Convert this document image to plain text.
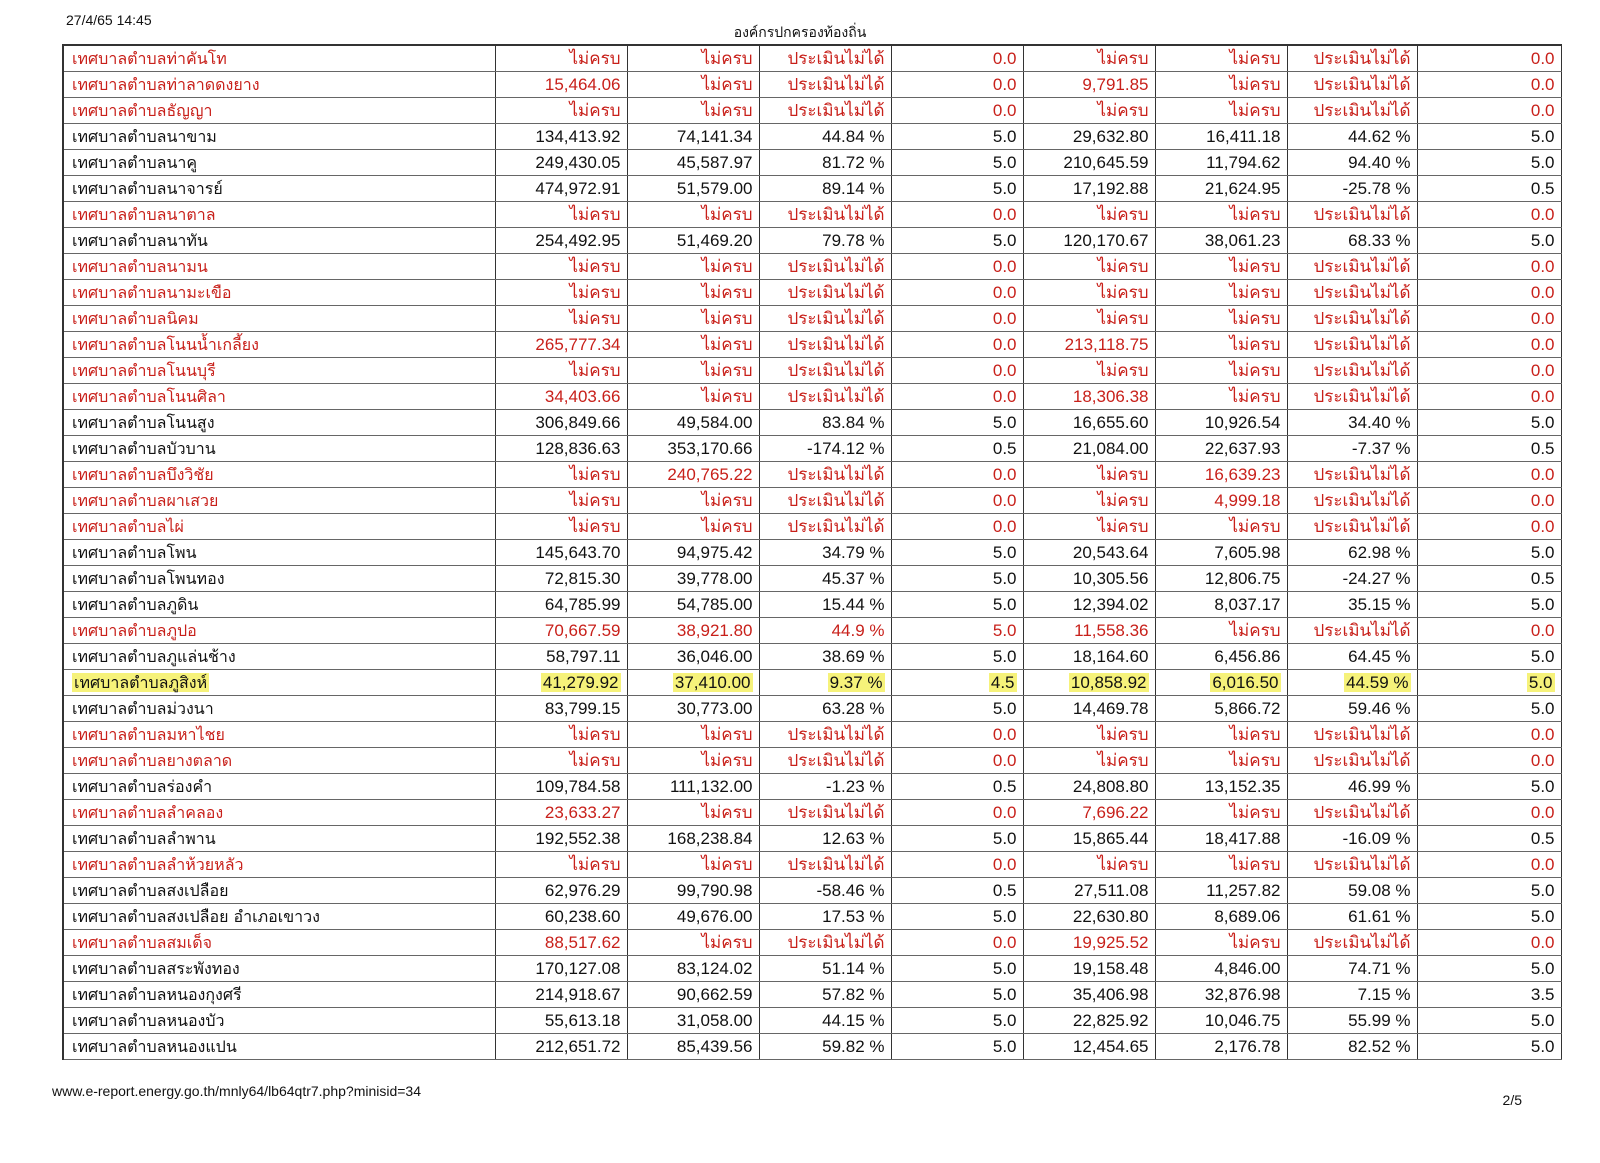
27/4/65 14:45
องค์กรปกครองท้องถิ่น
เทศบาลตำบลท่าคันโท	ไม่ครบ	ไม่ครบ	ประเมินไม่ได้	0.0	ไม่ครบ	ไม่ครบ	ประเมินไม่ได้	0.0
เทศบาลตำบลท่าลาดดงยาง	15,464.06	ไม่ครบ	ประเมินไม่ได้	0.0	9,791.85	ไม่ครบ	ประเมินไม่ได้	0.0
เทศบาลตำบลธัญญา	ไม่ครบ	ไม่ครบ	ประเมินไม่ได้	0.0	ไม่ครบ	ไม่ครบ	ประเมินไม่ได้	0.0
เทศบาลตำบลนาขาม	134,413.92	74,141.34	44.84 %	5.0	29,632.80	16,411.18	44.62 %	5.0
เทศบาลตำบลนาคู	249,430.05	45,587.97	81.72 %	5.0	210,645.59	11,794.62	94.40 %	5.0
เทศบาลตำบลนาจารย์	474,972.91	51,579.00	89.14 %	5.0	17,192.88	21,624.95	-25.78 %	0.5
เทศบาลตำบลนาตาล	ไม่ครบ	ไม่ครบ	ประเมินไม่ได้	0.0	ไม่ครบ	ไม่ครบ	ประเมินไม่ได้	0.0
เทศบาลตำบลนาทัน	254,492.95	51,469.20	79.78 %	5.0	120,170.67	38,061.23	68.33 %	5.0
เทศบาลตำบลนามน	ไม่ครบ	ไม่ครบ	ประเมินไม่ได้	0.0	ไม่ครบ	ไม่ครบ	ประเมินไม่ได้	0.0
เทศบาลตำบลนามะเขือ	ไม่ครบ	ไม่ครบ	ประเมินไม่ได้	0.0	ไม่ครบ	ไม่ครบ	ประเมินไม่ได้	0.0
เทศบาลตำบลนิคม	ไม่ครบ	ไม่ครบ	ประเมินไม่ได้	0.0	ไม่ครบ	ไม่ครบ	ประเมินไม่ได้	0.0
เทศบาลตำบลโนนน้ำเกลี้ยง	265,777.34	ไม่ครบ	ประเมินไม่ได้	0.0	213,118.75	ไม่ครบ	ประเมินไม่ได้	0.0
เทศบาลตำบลโนนบุรี	ไม่ครบ	ไม่ครบ	ประเมินไม่ได้	0.0	ไม่ครบ	ไม่ครบ	ประเมินไม่ได้	0.0
เทศบาลตำบลโนนศิลา	34,403.66	ไม่ครบ	ประเมินไม่ได้	0.0	18,306.38	ไม่ครบ	ประเมินไม่ได้	0.0
เทศบาลตำบลโนนสูง	306,849.66	49,584.00	83.84 %	5.0	16,655.60	10,926.54	34.40 %	5.0
เทศบาลตำบลบัวบาน	128,836.63	353,170.66	-174.12 %	0.5	21,084.00	22,637.93	-7.37 %	0.5
เทศบาลตำบลบึงวิชัย	ไม่ครบ	240,765.22	ประเมินไม่ได้	0.0	ไม่ครบ	16,639.23	ประเมินไม่ได้	0.0
เทศบาลตำบลผาเสวย	ไม่ครบ	ไม่ครบ	ประเมินไม่ได้	0.0	ไม่ครบ	4,999.18	ประเมินไม่ได้	0.0
เทศบาลตำบลไผ่	ไม่ครบ	ไม่ครบ	ประเมินไม่ได้	0.0	ไม่ครบ	ไม่ครบ	ประเมินไม่ได้	0.0
เทศบาลตำบลโพน	145,643.70	94,975.42	34.79 %	5.0	20,543.64	7,605.98	62.98 %	5.0
เทศบาลตำบลโพนทอง	72,815.30	39,778.00	45.37 %	5.0	10,305.56	12,806.75	-24.27 %	0.5
เทศบาลตำบลภูดิน	64,785.99	54,785.00	15.44 %	5.0	12,394.02	8,037.17	35.15 %	5.0
เทศบาลตำบลภูปอ	70,667.59	38,921.80	44.9 %	5.0	11,558.36	ไม่ครบ	ประเมินไม่ได้	0.0
เทศบาลตำบลภูแล่นช้าง	58,797.11	36,046.00	38.69 %	5.0	18,164.60	6,456.86	64.45 %	5.0
เทศบาลตำบลภูสิงห์	41,279.92	37,410.00	9.37 %	4.5	10,858.92	6,016.50	44.59 %	5.0
เทศบาลตำบลม่วงนา	83,799.15	30,773.00	63.28 %	5.0	14,469.78	5,866.72	59.46 %	5.0
เทศบาลตำบลมหาไชย	ไม่ครบ	ไม่ครบ	ประเมินไม่ได้	0.0	ไม่ครบ	ไม่ครบ	ประเมินไม่ได้	0.0
เทศบาลตำบลยางตลาด	ไม่ครบ	ไม่ครบ	ประเมินไม่ได้	0.0	ไม่ครบ	ไม่ครบ	ประเมินไม่ได้	0.0
เทศบาลตำบลร่องคำ	109,784.58	111,132.00	-1.23 %	0.5	24,808.80	13,152.35	46.99 %	5.0
เทศบาลตำบลลำคลอง	23,633.27	ไม่ครบ	ประเมินไม่ได้	0.0	7,696.22	ไม่ครบ	ประเมินไม่ได้	0.0
เทศบาลตำบลลำพาน	192,552.38	168,238.84	12.63 %	5.0	15,865.44	18,417.88	-16.09 %	0.5
เทศบาลตำบลลำห้วยหลัว	ไม่ครบ	ไม่ครบ	ประเมินไม่ได้	0.0	ไม่ครบ	ไม่ครบ	ประเมินไม่ได้	0.0
เทศบาลตำบลสงเปลือย	62,976.29	99,790.98	-58.46 %	0.5	27,511.08	11,257.82	59.08 %	5.0
เทศบาลตำบลสงเปลือย อำเภอเขาวง	60,238.60	49,676.00	17.53 %	5.0	22,630.80	8,689.06	61.61 %	5.0
เทศบาลตำบลสมเด็จ	88,517.62	ไม่ครบ	ประเมินไม่ได้	0.0	19,925.52	ไม่ครบ	ประเมินไม่ได้	0.0
เทศบาลตำบลสระพังทอง	170,127.08	83,124.02	51.14 %	5.0	19,158.48	4,846.00	74.71 %	5.0
เทศบาลตำบลหนองกุงศรี	214,918.67	90,662.59	57.82 %	5.0	35,406.98	32,876.98	7.15 %	3.5
เทศบาลตำบลหนองบัว	55,613.18	31,058.00	44.15 %	5.0	22,825.92	10,046.75	55.99 %	5.0
เทศบาลตำบลหนองแปน	212,651.72	85,439.56	59.82 %	5.0	12,454.65	2,176.78	82.52 %	5.0
www.e-report.energy.go.th/mnly64/lb64qtr7.php?minisid=34
2/5
